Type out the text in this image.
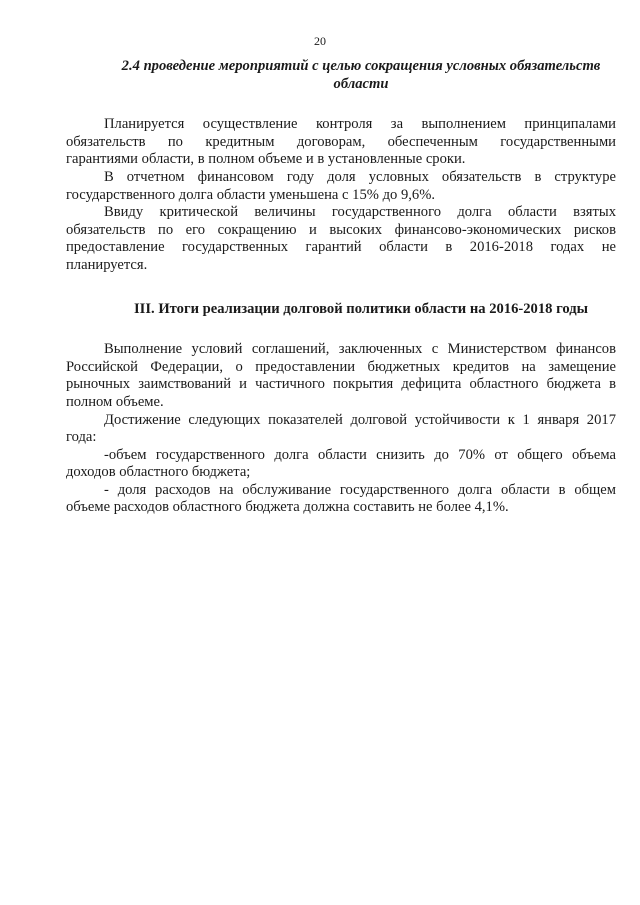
20
2.4 проведение мероприятий с целью сокращения условных обязательств
области
Планируется осуществление контроля за выполнением принципалами
обязательств по кредитным договорам, обеспеченным государственными
гарантиями области, в полном объеме и в установленные сроки.
В отчетном финансовом году доля условных обязательств в структуре
государственного долга области уменьшена с 15% до 9,6%.
Ввиду критической величины государственного долга области взятых
обязательств по его сокращению и высоких финансово-экономических рисков
предоставление государственных гарантий области в 2016-2018 годах не
планируется.
III. Итоги реализации долговой политики области на 2016-2018 годы
Выполнение условий соглашений, заключенных с Министерством финансов
Российской Федерации, о предоставлении бюджетных кредитов на замещение
рыночных заимствований и частичного покрытия дефицита областного бюджета в
полном объеме.
Достижение следующих показателей долговой устойчивости к 1 января 2017
года:
-объем государственного долга области снизить до 70% от общего объема
доходов областного бюджета;
- доля расходов на обслуживание государственного долга области в общем
объеме расходов областного бюджета должна составить не более 4,1%.
